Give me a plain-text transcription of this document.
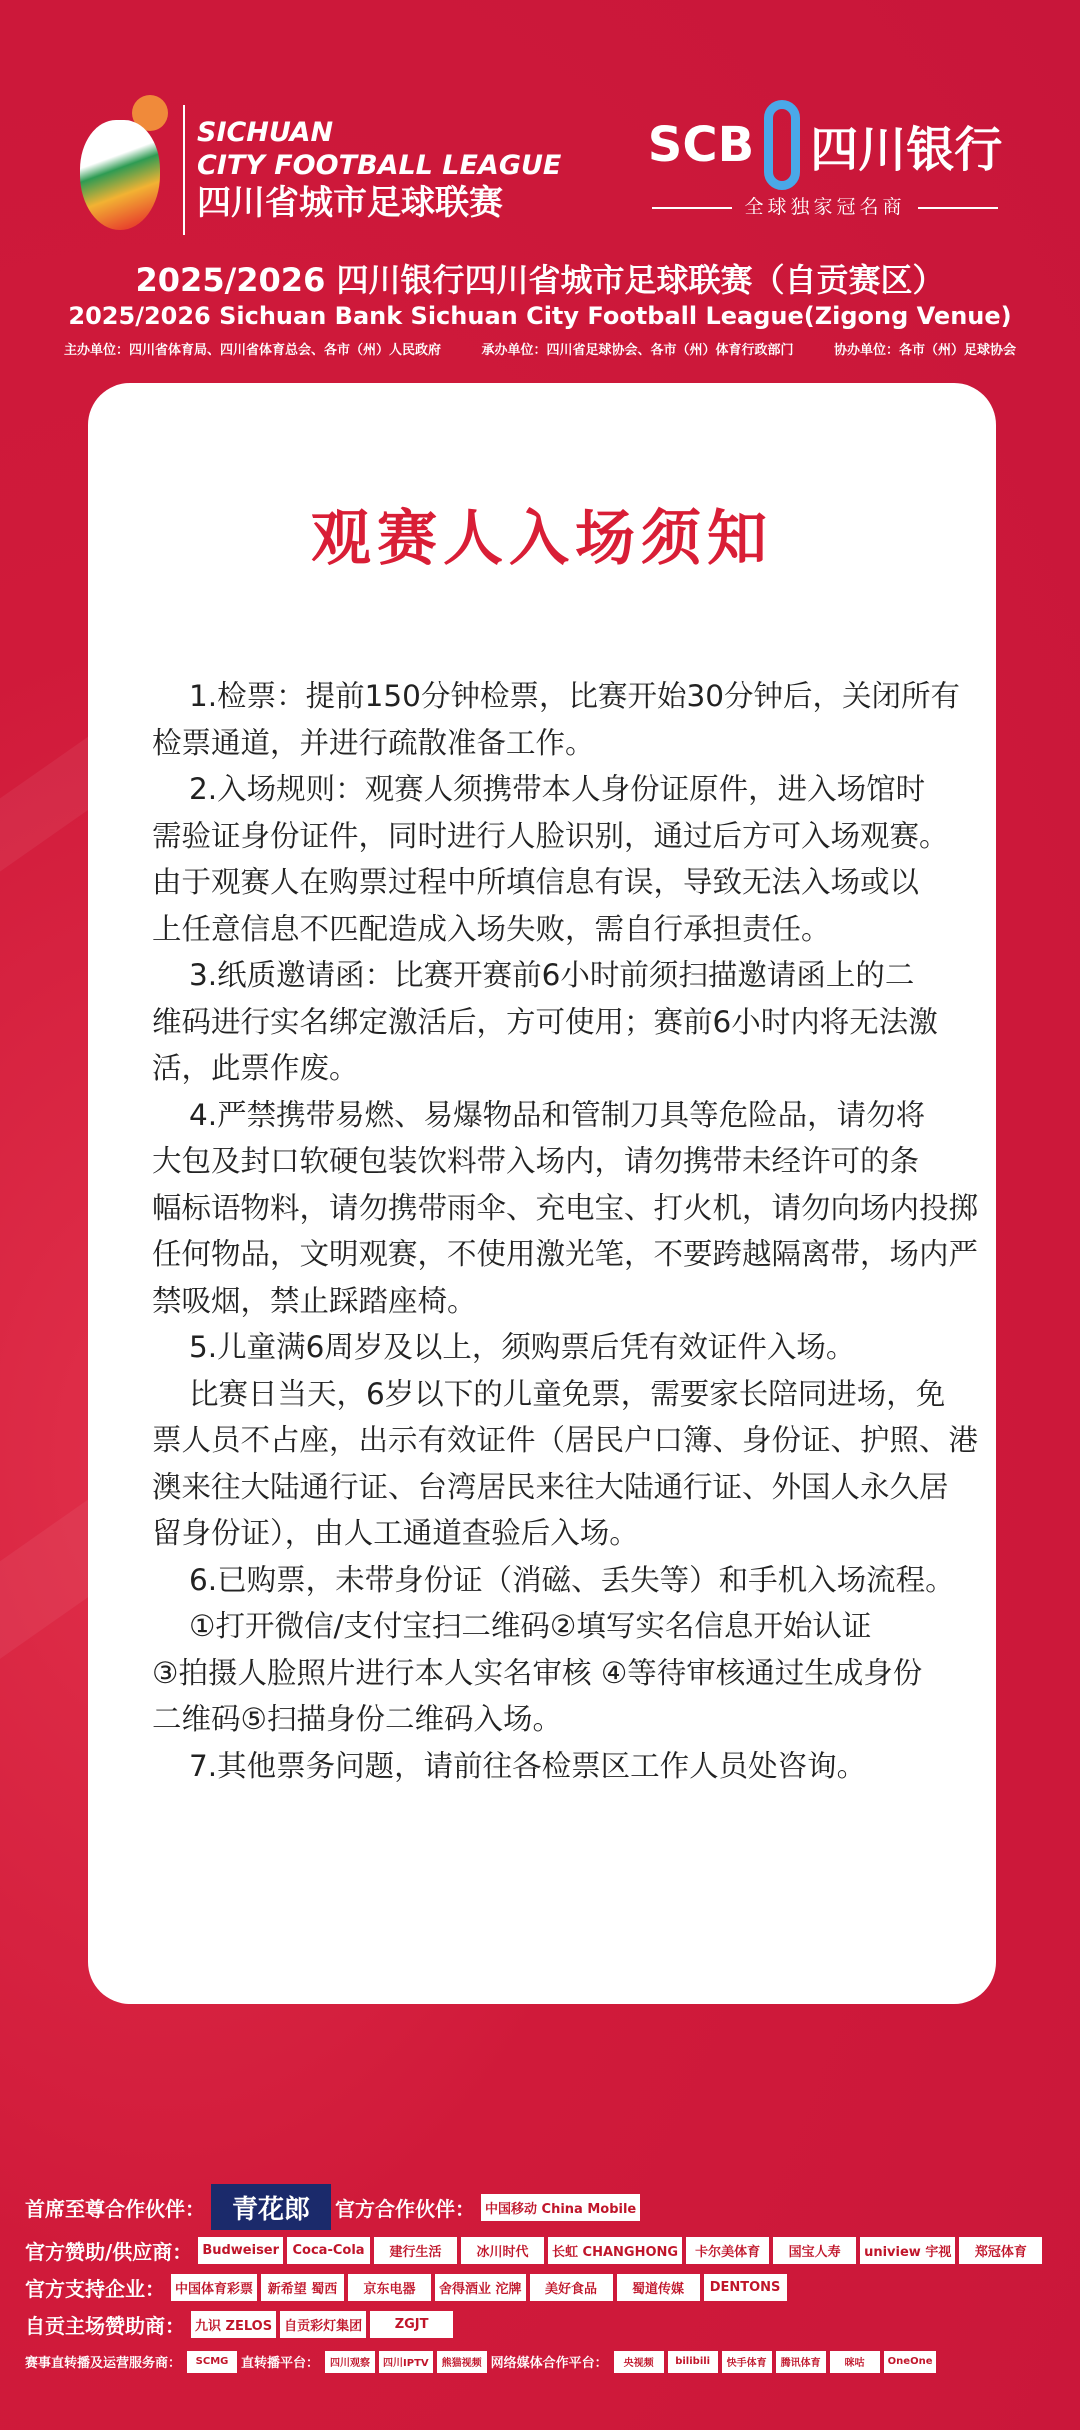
SICHUAN
CITY FOOTBALL LEAGUE
四川省城市足球联赛
SCB 四川银行
全球独家冠名商
2025/2026 四川银行四川省城市足球联赛（自贡赛区）
2025/2026 Sichuan Bank Sichuan City Football League(Zigong Venue)
主办单位：四川省体育局、四川省体育总会、各市（州）人民政府	承办单位：四川省足球协会、各市（州）体育行政部门	协办单位：各市（州）足球协会
观赛人入场须知
1.检票：提前150分钟检票，比赛开始30分钟后，关闭所有
检票通道，并进行疏散准备工作。
2.入场规则：观赛人须携带本人身份证原件，进入场馆时
需验证身份证件，同时进行人脸识别，通过后方可入场观赛。
由于观赛人在购票过程中所填信息有误，导致无法入场或以
上任意信息不匹配造成入场失败，需自行承担责任。
3.纸质邀请函：比赛开赛前6小时前须扫描邀请函上的二
维码进行实名绑定激活后，方可使用；赛前6小时内将无法激
活，此票作废。
4.严禁携带易燃、易爆物品和管制刀具等危险品，请勿将
大包及封口软硬包装饮料带入场内，请勿携带未经许可的条
幅标语物料，请勿携带雨伞、充电宝、打火机，请勿向场内投掷
任何物品，文明观赛，不使用激光笔，不要跨越隔离带，场内严
禁吸烟，禁止踩踏座椅。
5.儿童满6周岁及以上，须购票后凭有效证件入场。
比赛日当天，6岁以下的儿童免票，需要家长陪同进场，免
票人员不占座，出示有效证件（居民户口簿、身份证、护照、港
澳来往大陆通行证、台湾居民来往大陆通行证、外国人永久居
留身份证），由人工通道查验后入场。
6.已购票，未带身份证（消磁、丢失等）和手机入场流程。
①打开微信/支付宝扫二维码②填写实名信息开始认证
③拍摄人脸照片进行本人实名审核 ④等待审核通过生成身份
二维码⑤扫描身份二维码入场。
7.其他票务问题，请前往各检票区工作人员处咨询。
首席至尊合作伙伴：	青花郎	官方合作伙伴： 中国移动 China Mobile
官方赞助/供应商： Budweiser	Coca-Cola	建行生活	冰川时代	长虹 CHANGHONG	卡尔美体育	国宝人寿	uniview 宇视	郑冠体育
官方支持企业： 中国体育彩票	新希望 蜀西	京东电器	舍得酒业 沱牌	美好食品	蜀道传媒	DENTONS
自贡主场赞助商： 九识 ZELOS 自贡彩灯集团	ZGJT
赛事直转播及运营服务商：	SCMG 直转播平台：	四川观察	四川IPTV	熊猫视频 网络媒体合作平台：	央视频	bilibili	快手体育	腾讯体育	咪咕	OneOne
